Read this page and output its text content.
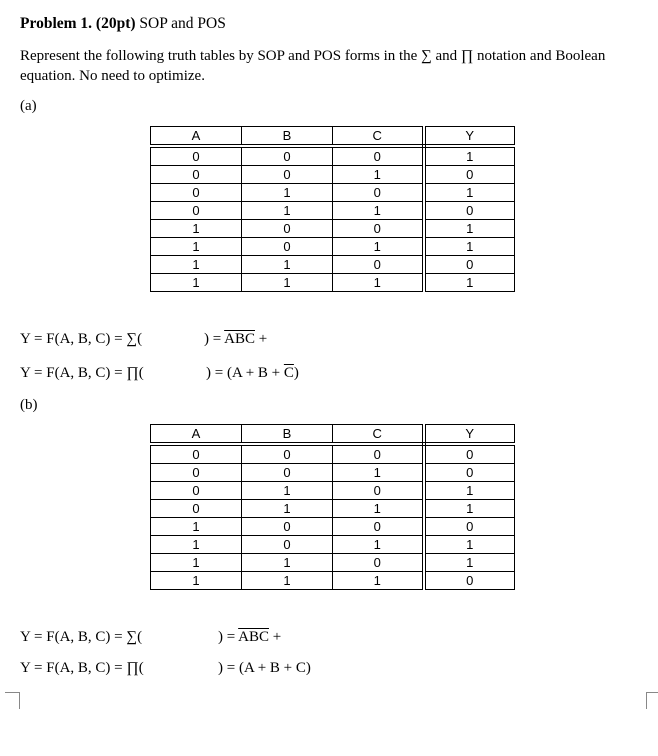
Problem 1. (20pt) SOP and POS
Represent the following truth tables by SOP and POS forms in the ∑ and ∏ notation and Boolean equation. No need to optimize.
(a)
A	B	C	Y
0	0	0	1
0	0	1	0
0	1	0	1
0	1	1	0
1	0	0	1
1	0	1	1
1	1	0	0
1	1	1	1
Y = F(A, B, C) = ∑(	) = $\overline{ABC}$ +
Y = F(A, B, C) = ∏(	) = $(A + B + \overline{C})$
(b)
A	B	C	Y
0	0	0	0
0	0	1	0
0	1	0	1
0	1	1	1
1	0	0	0
1	0	1	1
1	1	0	1
1	1	1	0
Y = F(A, B, C) = ∑(	) = $\overline{ABC}$ +
Y = F(A, B, C) = ∏(	) = (A + B + C)
